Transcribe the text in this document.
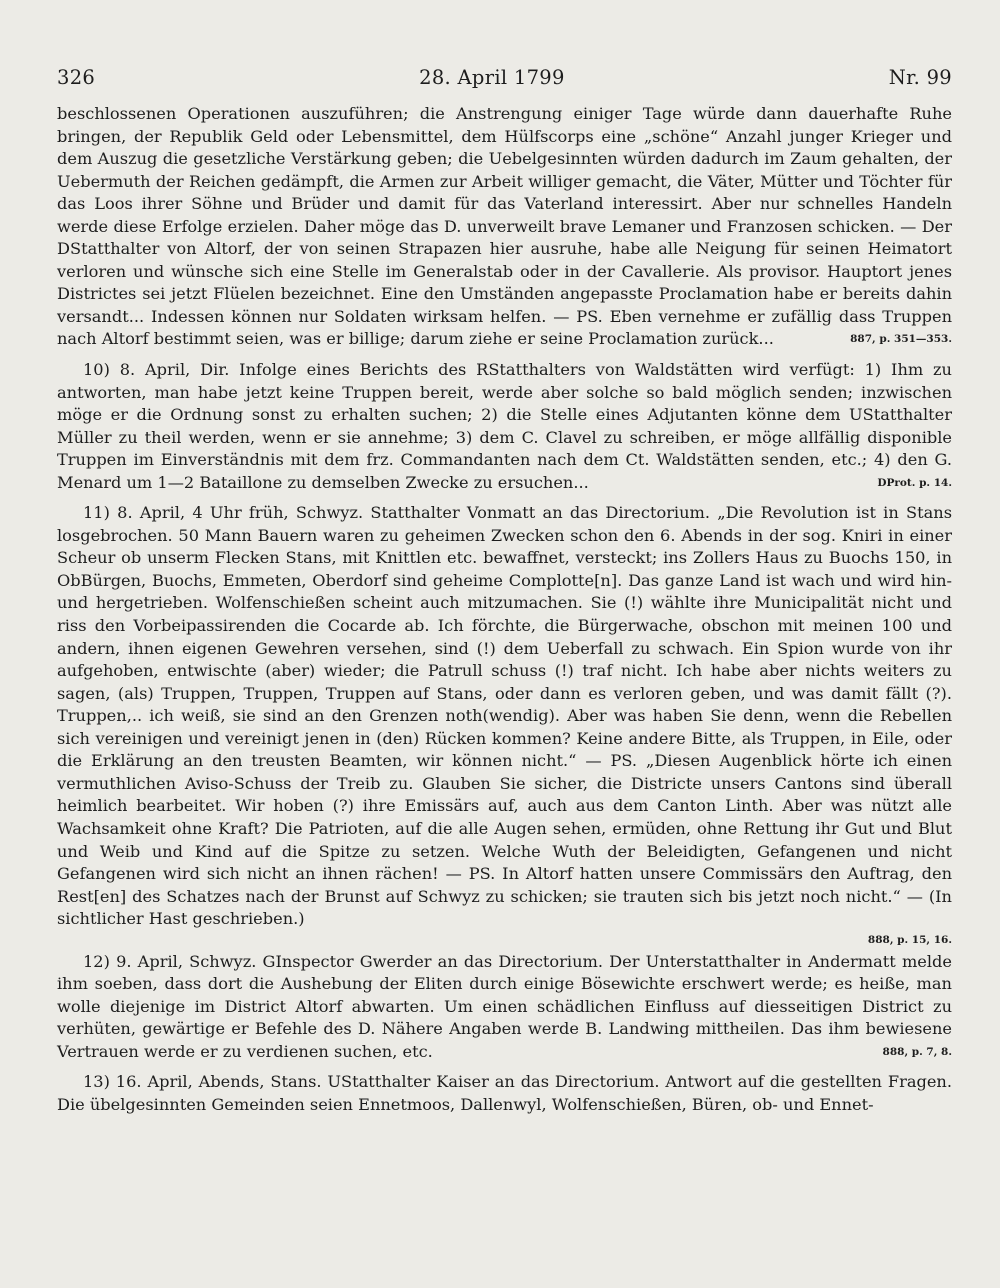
326	28. April 1799	Nr. 99

beschlossenen Operationen auszuführen; die Anstrengung einiger Tage würde dann dauerhafte Ruhe bringen, der Republik Geld oder Lebensmittel, dem Hülfscorps eine „schöne“ Anzahl junger Krieger und dem Auszug die gesetzliche Verstärkung geben; die Uebelgesinnten würden dadurch im Zaum gehalten, der Uebermuth der Reichen gedämpft, die Armen zur Arbeit williger gemacht, die Väter, Mütter und Töchter für das Loos ihrer Söhne und Brüder und damit für das Vaterland interessirt. Aber nur schnelles Handeln werde diese Erfolge erzielen. Daher möge das D. unverweilt brave Lemaner und Franzosen schicken. — Der DStatthalter von Altorf, der von seinen Strapazen hier ausruhe, habe alle Neigung für seinen Heimatort verloren und wünsche sich eine Stelle im Generalstab oder in der Cavallerie. Als provisor. Hauptort jenes Districtes sei jetzt Flüelen bezeichnet. Eine den Umständen angepasste Proclamation habe er bereits dahin versandt... Indessen können nur Soldaten wirksam helfen. — PS. Eben vernehme er zufällig dass Truppen nach Altorf bestimmt seien, was er billige; darum ziehe er seine Proclamation zurück...	887, p. 351—353.

10) 8. April, Dir. Infolge eines Berichts des RStatthalters von Waldstätten wird verfügt: 1) Ihm zu antworten, man habe jetzt keine Truppen bereit, werde aber solche so bald möglich senden; inzwischen möge er die Ordnung sonst zu erhalten suchen; 2) die Stelle eines Adjutanten könne dem UStatthalter Müller zu theil werden, wenn er sie annehme; 3) dem C. Clavel zu schreiben, er möge allfällig disponible Truppen im Einverständnis mit dem frz. Commandanten nach dem Ct. Waldstätten senden, etc.; 4) den G. Menard um 1—2 Bataillone zu demselben Zwecke zu ersuchen...	DProt. p. 14.

11) 8. April, 4 Uhr früh, Schwyz. Statthalter Vonmatt an das Directorium. „Die Revolution ist in Stans losgebrochen. 50 Mann Bauern waren zu geheimen Zwecken schon den 6. Abends in der sog. Kniri in einer Scheur ob unserm Flecken Stans, mit Knittlen etc. bewaffnet, versteckt; ins Zollers Haus zu Buochs 150, in ObBürgen, Buochs, Emmeten, Oberdorf sind geheime Complotte[n]. Das ganze Land ist wach und wird hin- und hergetrieben. Wolfenschießen scheint auch mitzumachen. Sie (!) wählte ihre Municipalität nicht und riss den Vorbeipassirenden die Cocarde ab. Ich förchte, die Bürgerwache, obschon mit meinen 100 und andern, ihnen eigenen Gewehren versehen, sind (!) dem Ueberfall zu schwach. Ein Spion wurde von ihr aufgehoben, entwischte (aber) wieder; die Patrull schuss (!) traf nicht. Ich habe aber nichts weiters zu sagen, (als) Truppen, Truppen, Truppen auf Stans, oder dann es verloren geben, und was damit fällt (?). Truppen,.. ich weiß, sie sind an den Grenzen noth(wendig). Aber was haben Sie denn, wenn die Rebellen sich vereinigen und vereinigt jenen in (den) Rücken kommen? Keine andere Bitte, als Truppen, in Eile, oder die Erklärung an den treusten Beamten, wir können nicht.“ — PS. „Diesen Augenblick hörte ich einen vermuthlichen Aviso-Schuss der Treib zu. Glauben Sie sicher, die Districte unsers Cantons sind überall heimlich bearbeitet. Wir hoben (?) ihre Emissärs auf, auch aus dem Canton Linth. Aber was nützt alle Wachsamkeit ohne Kraft? Die Patrioten, auf die alle Augen sehen, ermüden, ohne Rettung ihr Gut und Blut und Weib und Kind auf die Spitze zu setzen. Welche Wuth der Beleidigten, Gefangenen und nicht Gefangenen wird sich nicht an ihnen rächen! — PS. In Altorf hatten unsere Commissärs den Auftrag, den Rest[en] des Schatzes nach der Brunst auf Schwyz zu schicken; sie trauten sich bis jetzt noch nicht.“ — (In sichtlicher Hast geschrieben.)

888, p. 15, 16.

12) 9. April, Schwyz. GInspector Gwerder an das Directorium. Der Unterstatthalter in Andermatt melde ihm soeben, dass dort die Aushebung der Eliten durch einige Bösewichte erschwert werde; es heiße, man wolle diejenige im District Altorf abwarten. Um einen schädlichen Einfluss auf diesseitigen District zu verhüten, gewärtige er Befehle des D. Nähere Angaben werde B. Landwing mittheilen. Das ihm bewiesene Vertrauen werde er zu verdienen suchen, etc.	888, p. 7, 8.

13) 16. April, Abends, Stans. UStatthalter Kaiser an das Directorium. Antwort auf die gestellten Fragen. Die übelgesinnten Gemeinden seien Ennetmoos, Dallenwyl, Wolfenschießen, Büren, ob- und Ennet-
